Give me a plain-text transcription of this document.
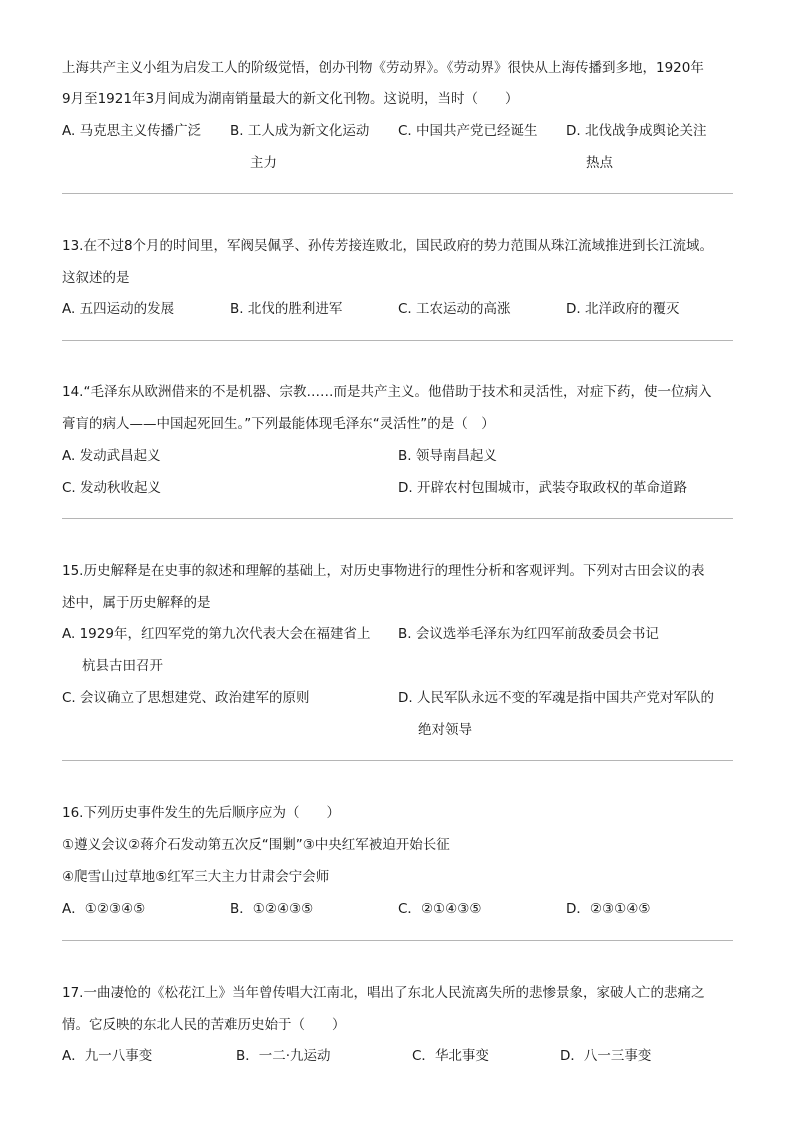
上海共产主义小组为启发工人的阶级觉悟，创办刊物《劳动界》。《劳动界》很快从上海传播到多地，1920年
9月至1921年3月间成为湖南销量最大的新文化刊物。这说明，当时（　　）
A. 马克思主义传播广泛 B. 工人成为新文化运动
主力
C. 中国共产党已经诞生 D. 北伐战争成舆论关注
热点
13.在不过8个月的时间里，军阀吴佩孚、孙传芳接连败北，国民政府的势力范围从珠江流域推进到长江流域。
这叙述的是
A. 五四运动的发展	B. 北伐的胜利进军	C. 工农运动的高涨	D. 北洋政府的覆灭
14.“毛泽东从欧洲借来的不是机器、宗教……而是共产主义。他借助于技术和灵活性，对症下药，使一位病入
膏肓的病人——中国起死回生。”下列最能体现毛泽东“灵活性”的是（　）
A. 发动武昌起义	B. 领导南昌起义
C. 发动秋收起义	D. 开辟农村包围城市，武装夺取政权的革命道路
15.历史解释是在史事的叙述和理解的基础上，对历史事物进行的理性分析和客观评判。下列对古田会议的表
述中，属于历史解释的是
A. 1929年，红四军党的第九次代表大会在福建省上
杭县古田召开
B. 会议选举毛泽东为红四军前敌委员会书记
C. 会议确立了思想建党、政治建军的原则	D. 人民军队永远不变的军魂是指中国共产党对军队的
绝对领导
16.下列历史事件发生的先后顺序应为（　　）
①遵义会议②蒋介石发动第五次反“围剿”③中央红军被迫开始长征
④爬雪山过草地⑤红军三大主力甘肃会宁会师
A．①②③④⑤	B．①②④③⑤	C．②①④③⑤	D．②③①④⑤
17.一曲凄怆的《松花江上》当年曾传唱大江南北，唱出了东北人民流离失所的悲惨景象，家破人亡的悲痛之
情。它反映的东北人民的苦难历史始于（　　）
A．九一八事变	B．一二·九运动	C．华北事变	D．八一三事变
